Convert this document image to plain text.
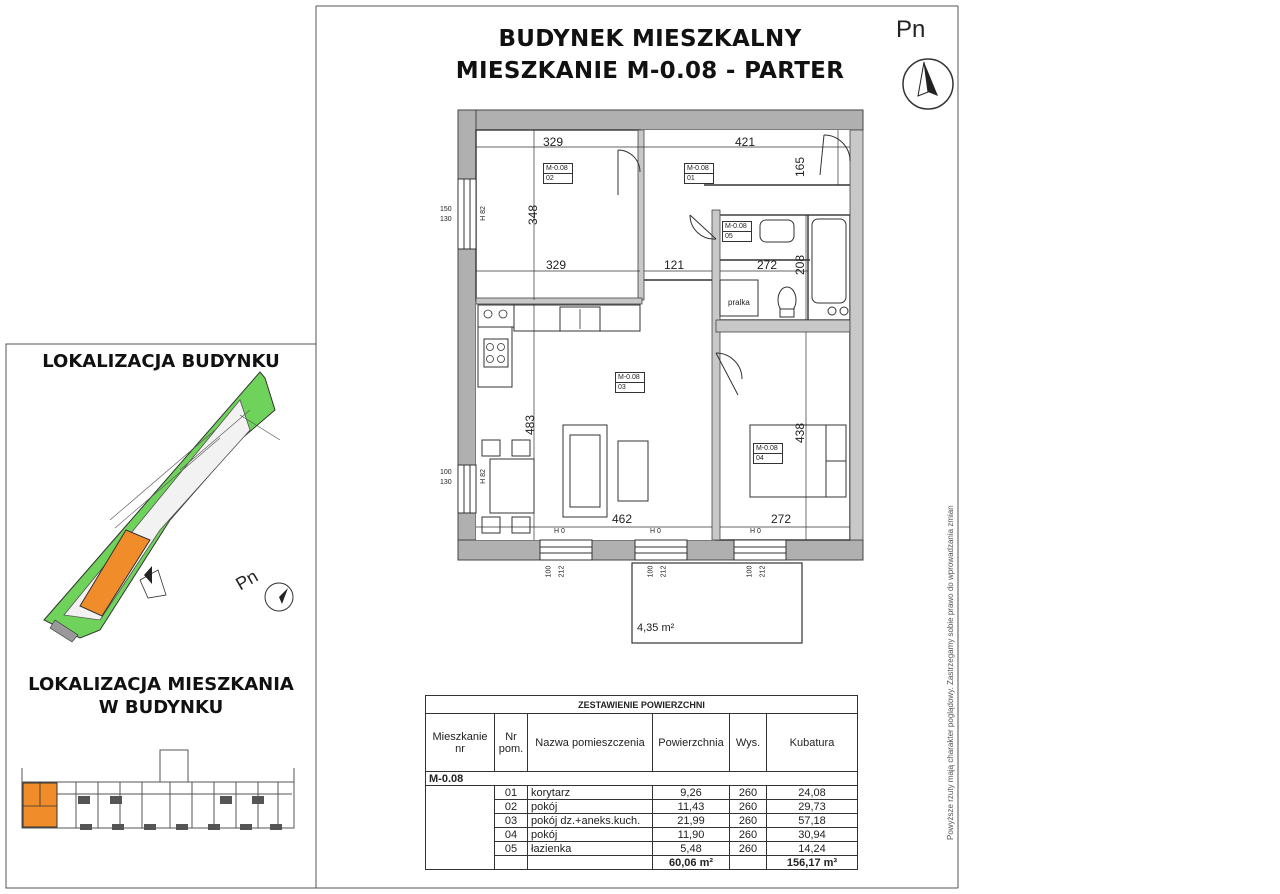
BUDYNEK MIESZKALNY
MIESZKANIE M-0.08 - PARTER
Pn
329	421
348
329
165
121	272 208
483
462
438
272
M-0.08
02
M-0.08
01
M-0.08
05
M-0.08
03
M-0.08
04
pralka
4,35 m²
150
130	H 82
100
130	H 82
H 0	H 0	H 0
100 212	100 212	100 212
LOKALIZACJA BUDYNKU
Pn
LOKALIZACJA MIESZKANIA
W BUDYNKU	ZESTAWIENIE POWIERZCHNI					
Mieszkanie nr	Nr pom.	Nazwa pomieszczenia	Powierzchnia	Wys.	Kubatura
M-0.08					
	01	korytarz	9,26	260	24,08
	02	pokój	11,43	260	29,73
	03	pokój dz.+aneks.kuch.	21,99	260	57,18
	04	pokój	11,90	260	30,94
	05	łazienka	5,48	260	14,24
			60,06 m²		156,17 m³
Powyższe rzuty mają charakter poglądowy. Zastrzegamy sobie prawo do wprowadzania zmian
